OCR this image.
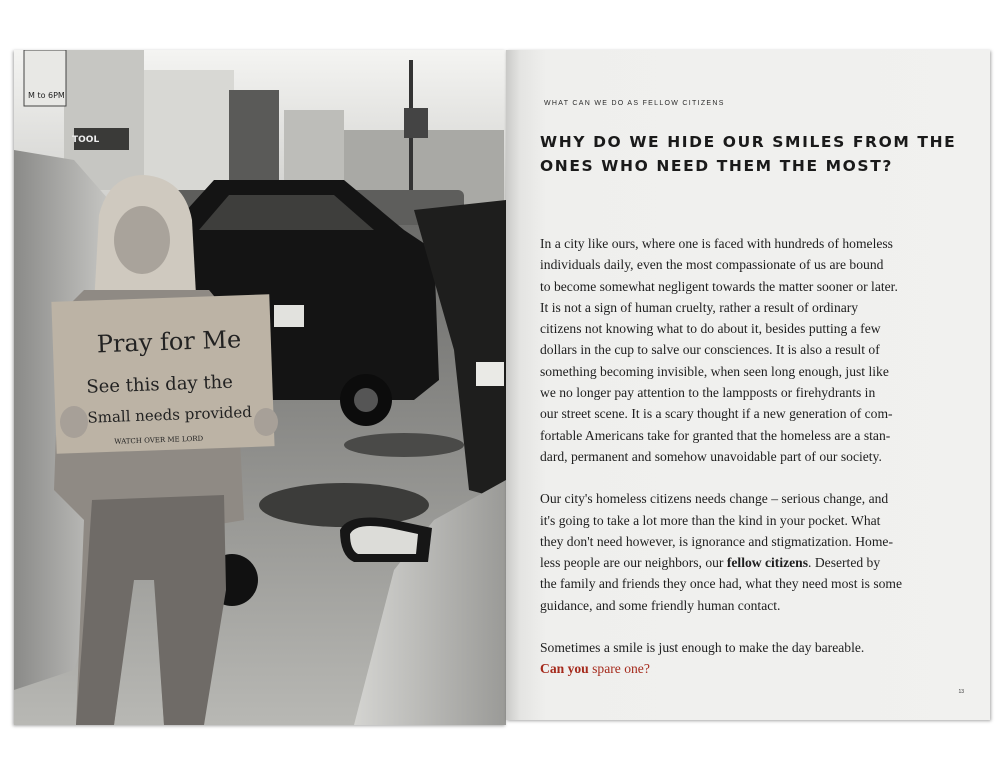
M to 6PM
TOOL
Pray for Me
See this day the
Small needs provided
WATCH OVER ME LORD
WHAT CAN WE DO AS FELLOW CITIZENS
WHY DO WE HIDE OUR SMILES FROM THE
ONES WHO NEED THEM THE MOST?

In a city like ours, where one is faced with hundreds of homeless
individuals daily, even the most compassionate of us are bound
to become somewhat negligent towards the matter sooner or later.
It is not a sign of human cruelty, rather a result of ordinary
citizens not knowing what to do about it, besides putting a few
dollars in the cup to salve our consciences. It is also a result of
something becoming invisible, when seen long enough, just like
we no longer pay attention to the lampposts or firehydrants in
our street scene. It is a scary thought if a new generation of com-
fortable Americans take for granted that the homeless are a stan-
dard, permanent and somehow unavoidable part of our society.

Our city's homeless citizens needs change – serious change, and
it's going to take a lot more than the kind in your pocket. What
they don't need however, is ignorance and stigmatization. Home-
less people are our neighbors, our fellow citizens. Deserted by
the family and friends they once had, what they need most is some
guidance, and some friendly human contact.

Sometimes a smile is just enough to make the day bareable.
Can you spare one?

13
